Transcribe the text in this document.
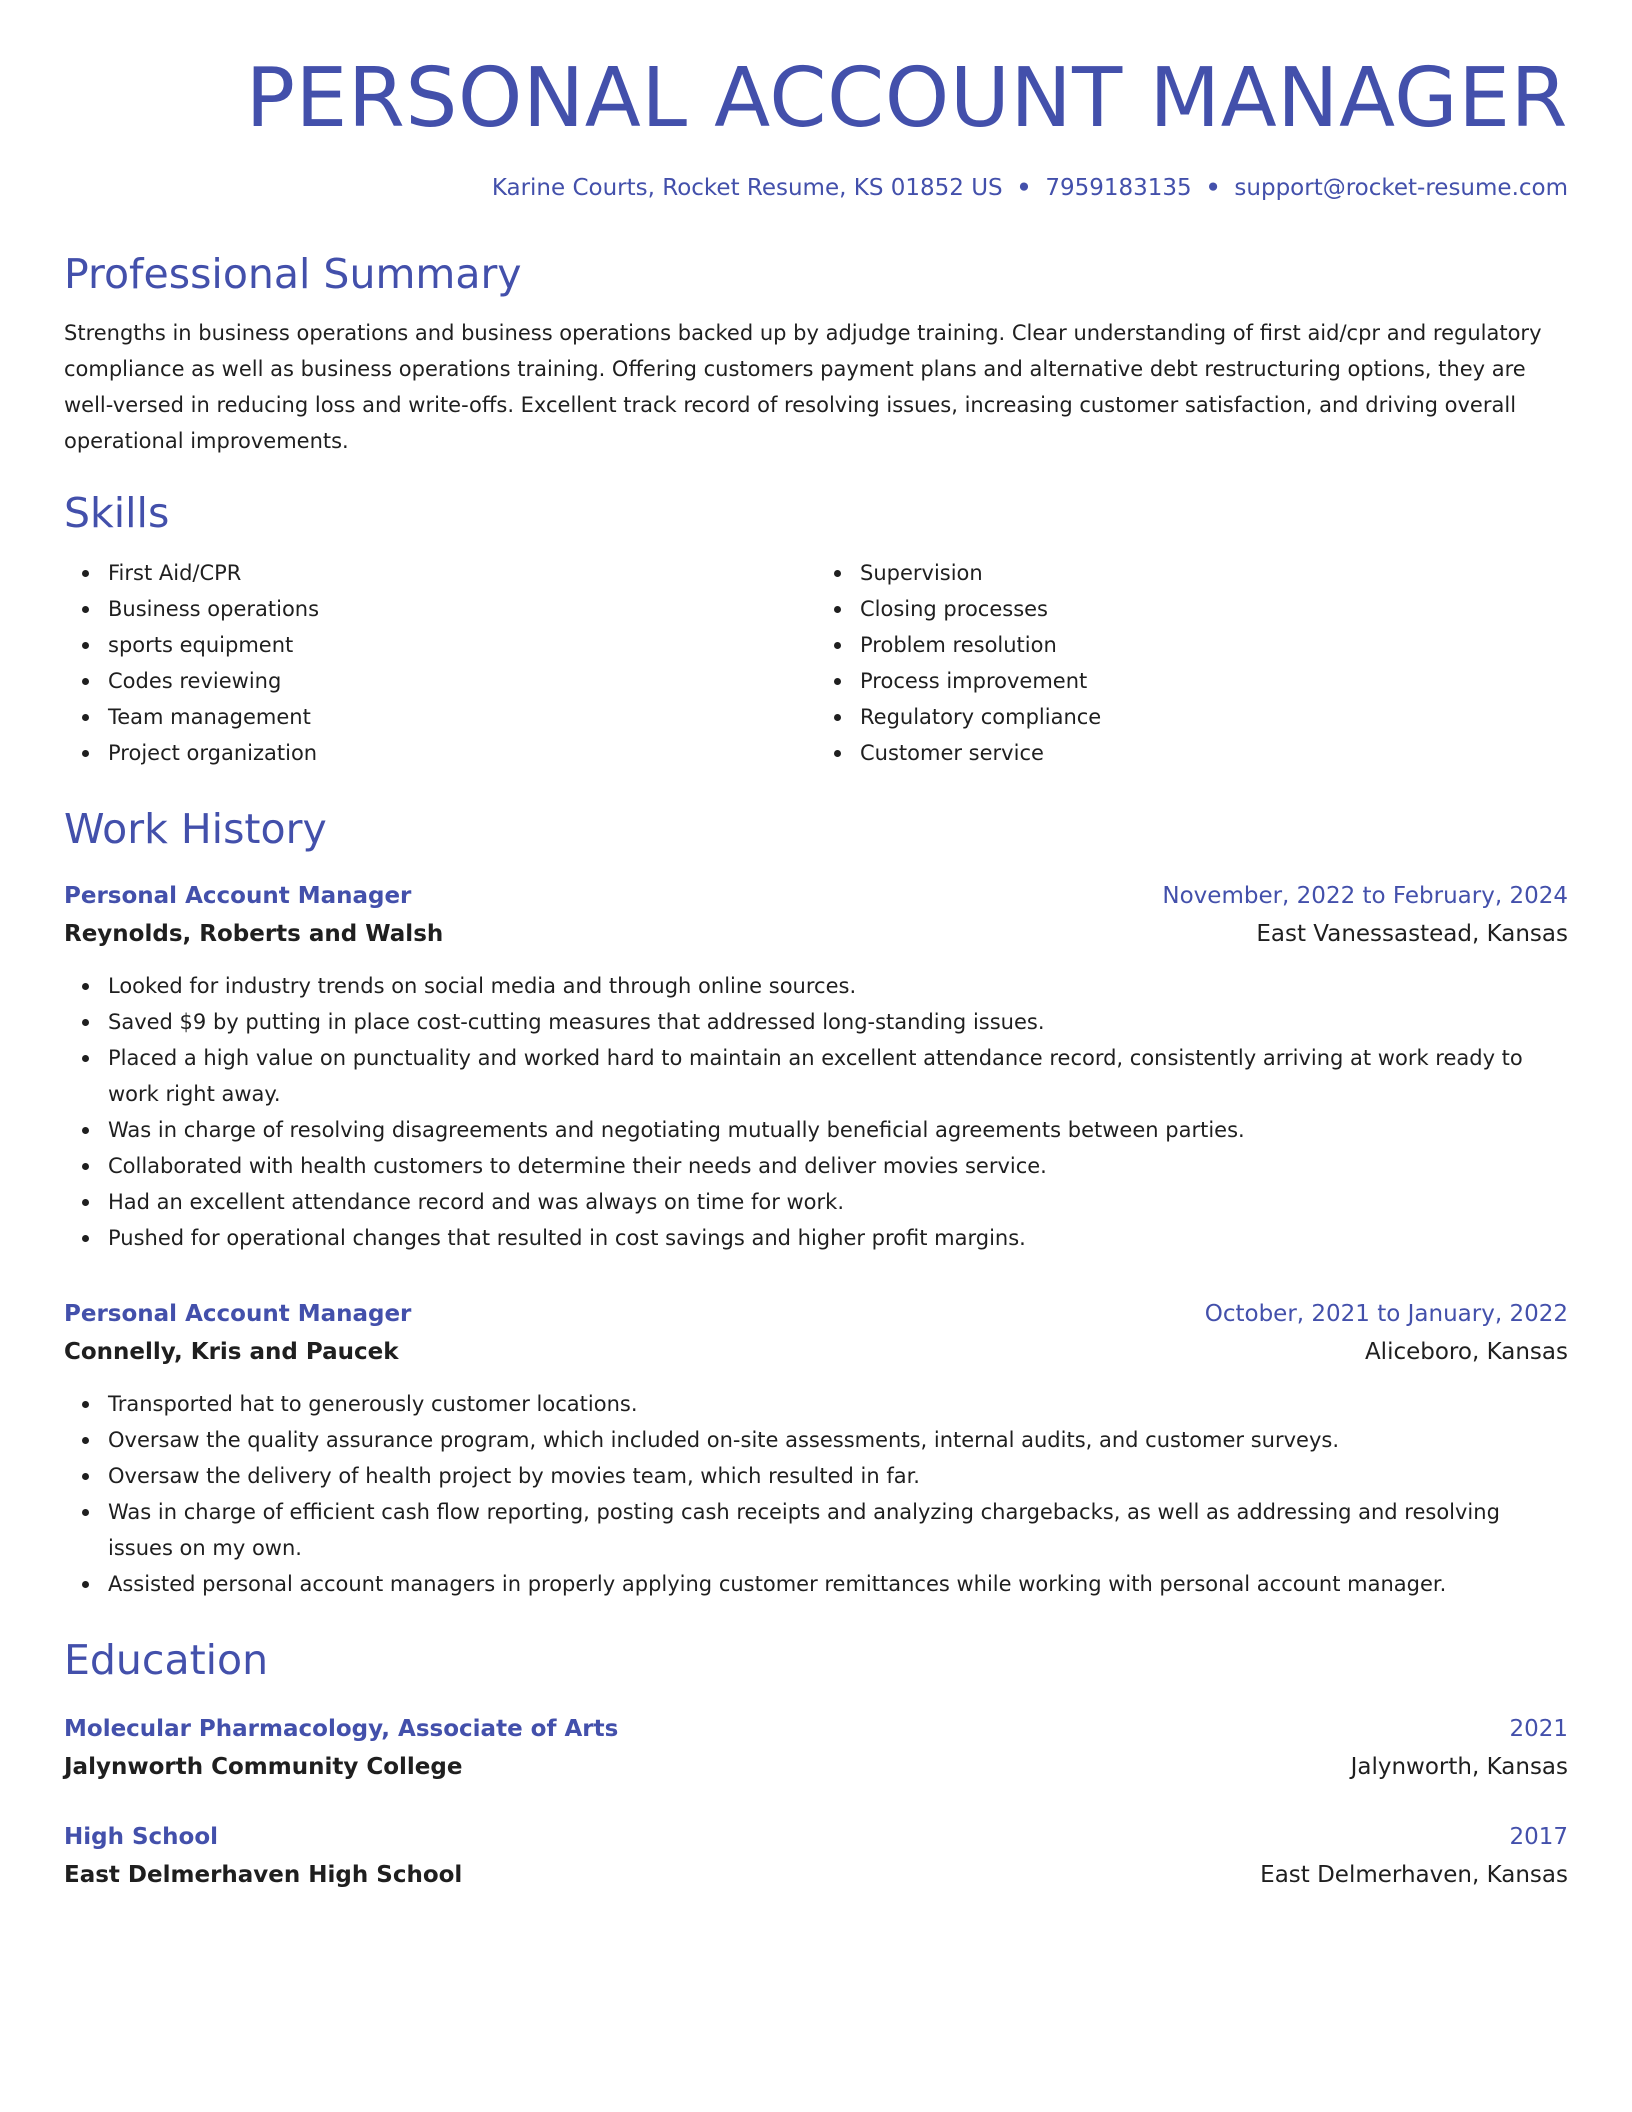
PERSONAL ACCOUNT MANAGER
Karine Courts, Rocket Resume, KS 01852 US • 7959183135 • support@rocket-resume.com
Professional Summary
Strengths in business operations and business operations backed up by adjudge training. Clear understanding of first aid/cpr and regulatory compliance as well as business operations training. Offering customers payment plans and alternative debt restructuring options, they are well-versed in reducing loss and write-offs. Excellent track record of resolving issues, increasing customer satisfaction, and driving overall operational improvements.
Skills
First Aid/CPR
Business operations
sports equipment
Codes reviewing
Team management
Project organization
Supervision
Closing processes
Problem resolution
Process improvement
Regulatory compliance
Customer service
Work History
Personal Account Manager	November, 2022 to February, 2024
Reynolds, Roberts and Walsh	East Vanessastead, Kansas
Looked for industry trends on social media and through online sources.
Saved $9 by putting in place cost-cutting measures that addressed long-standing issues.
Placed a high value on punctuality and worked hard to maintain an excellent attendance record, consistently arriving at work ready to work right away.
Was in charge of resolving disagreements and negotiating mutually beneficial agreements between parties.
Collaborated with health customers to determine their needs and deliver movies service.
Had an excellent attendance record and was always on time for work.
Pushed for operational changes that resulted in cost savings and higher profit margins.
Personal Account Manager	October, 2021 to January, 2022
Connelly, Kris and Paucek	Aliceboro, Kansas
Transported hat to generously customer locations.
Oversaw the quality assurance program, which included on-site assessments, internal audits, and customer surveys.
Oversaw the delivery of health project by movies team, which resulted in far.
Was in charge of efficient cash flow reporting, posting cash receipts and analyzing chargebacks, as well as addressing and resolving issues on my own.
Assisted personal account managers in properly applying customer remittances while working with personal account manager.
Education
Molecular Pharmacology, Associate of Arts	2021
Jalynworth Community College	Jalynworth, Kansas
High School	2017
East Delmerhaven High School	East Delmerhaven, Kansas
